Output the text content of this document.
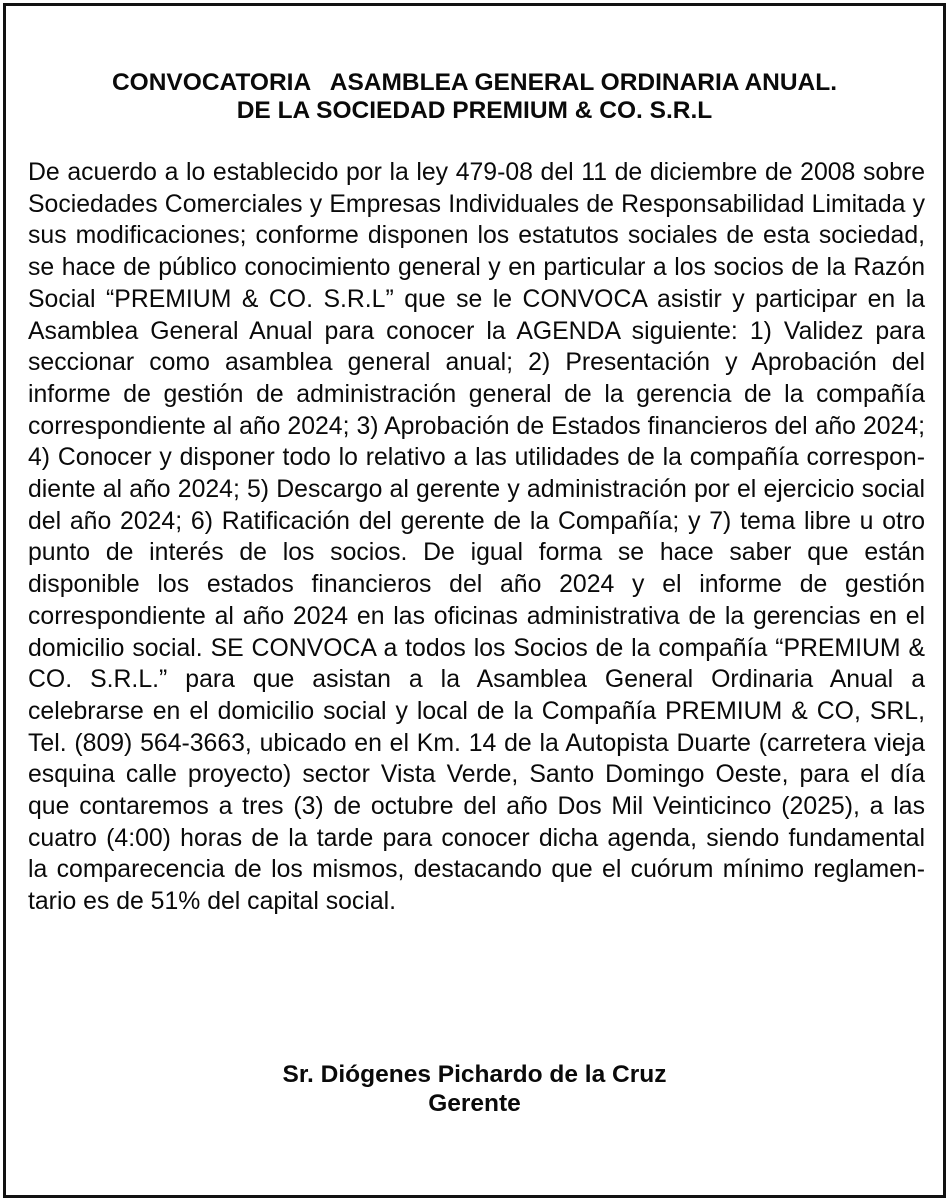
CONVOCATORIA   ASAMBLEA GENERAL ORDINARIA ANUAL.
DE LA SOCIEDAD PREMIUM & CO. S.R.L
De acuerdo a lo establecido por la ley 479-08 del 11 de diciembre de 2008 sobre Sociedades Comerciales y Empresas Individuales de Responsabilidad Limitada y sus modificaciones; conforme disponen los estatutos sociales de esta sociedad, se hace de público conocimiento general y en particular a los socios de la Razón Social “PREMIUM & CO. S.R.L” que se le CONVOCA asistir y participar en la Asamblea General Anual para conocer la AGENDA siguiente: 1) Validez para seccionar como asamblea general anual; 2) Presentación y Aprobación del informe de gestión de administración general de la gerencia de la compañía correspondiente al año 2024; 3) Aprobación de Estados financieros del año 2024; 4) Conocer y disponer todo lo relativo a las utilidades de la compañía correspondiente al año 2024; 5) Descargo al gerente y administración por el ejercicio social del año 2024; 6) Ratificación del gerente de la Compañía; y 7) tema libre u otro punto de interés de los socios. De igual forma se hace saber que están disponible los estados financieros del año 2024 y el informe de gestión correspondiente al año 2024 en las oficinas administrativa de la gerencias en el domicilio social. SE CONVOCA a todos los Socios de la compañía “PREMIUM & CO. S.R.L.” para que asistan a la Asamblea General Ordinaria Anual a celebrarse en el domicilio social y local de la Compañía PREMIUM & CO, SRL, Tel. (809) 564-3663, ubicado en el Km. 14 de la Autopista Duarte (carretera vieja esquina calle proyecto) sector Vista Verde, Santo Domingo Oeste, para el día que contaremos a tres (3) de octubre del año Dos Mil Veinticinco (2025), a las cuatro (4:00) horas de la tarde para conocer dicha agenda, siendo fundamental la comparecencia de los mismos, destacando que el cuórum mínimo reglamentario es de 51% del capital social.
Sr. Diógenes Pichardo de la Cruz
Gerente
